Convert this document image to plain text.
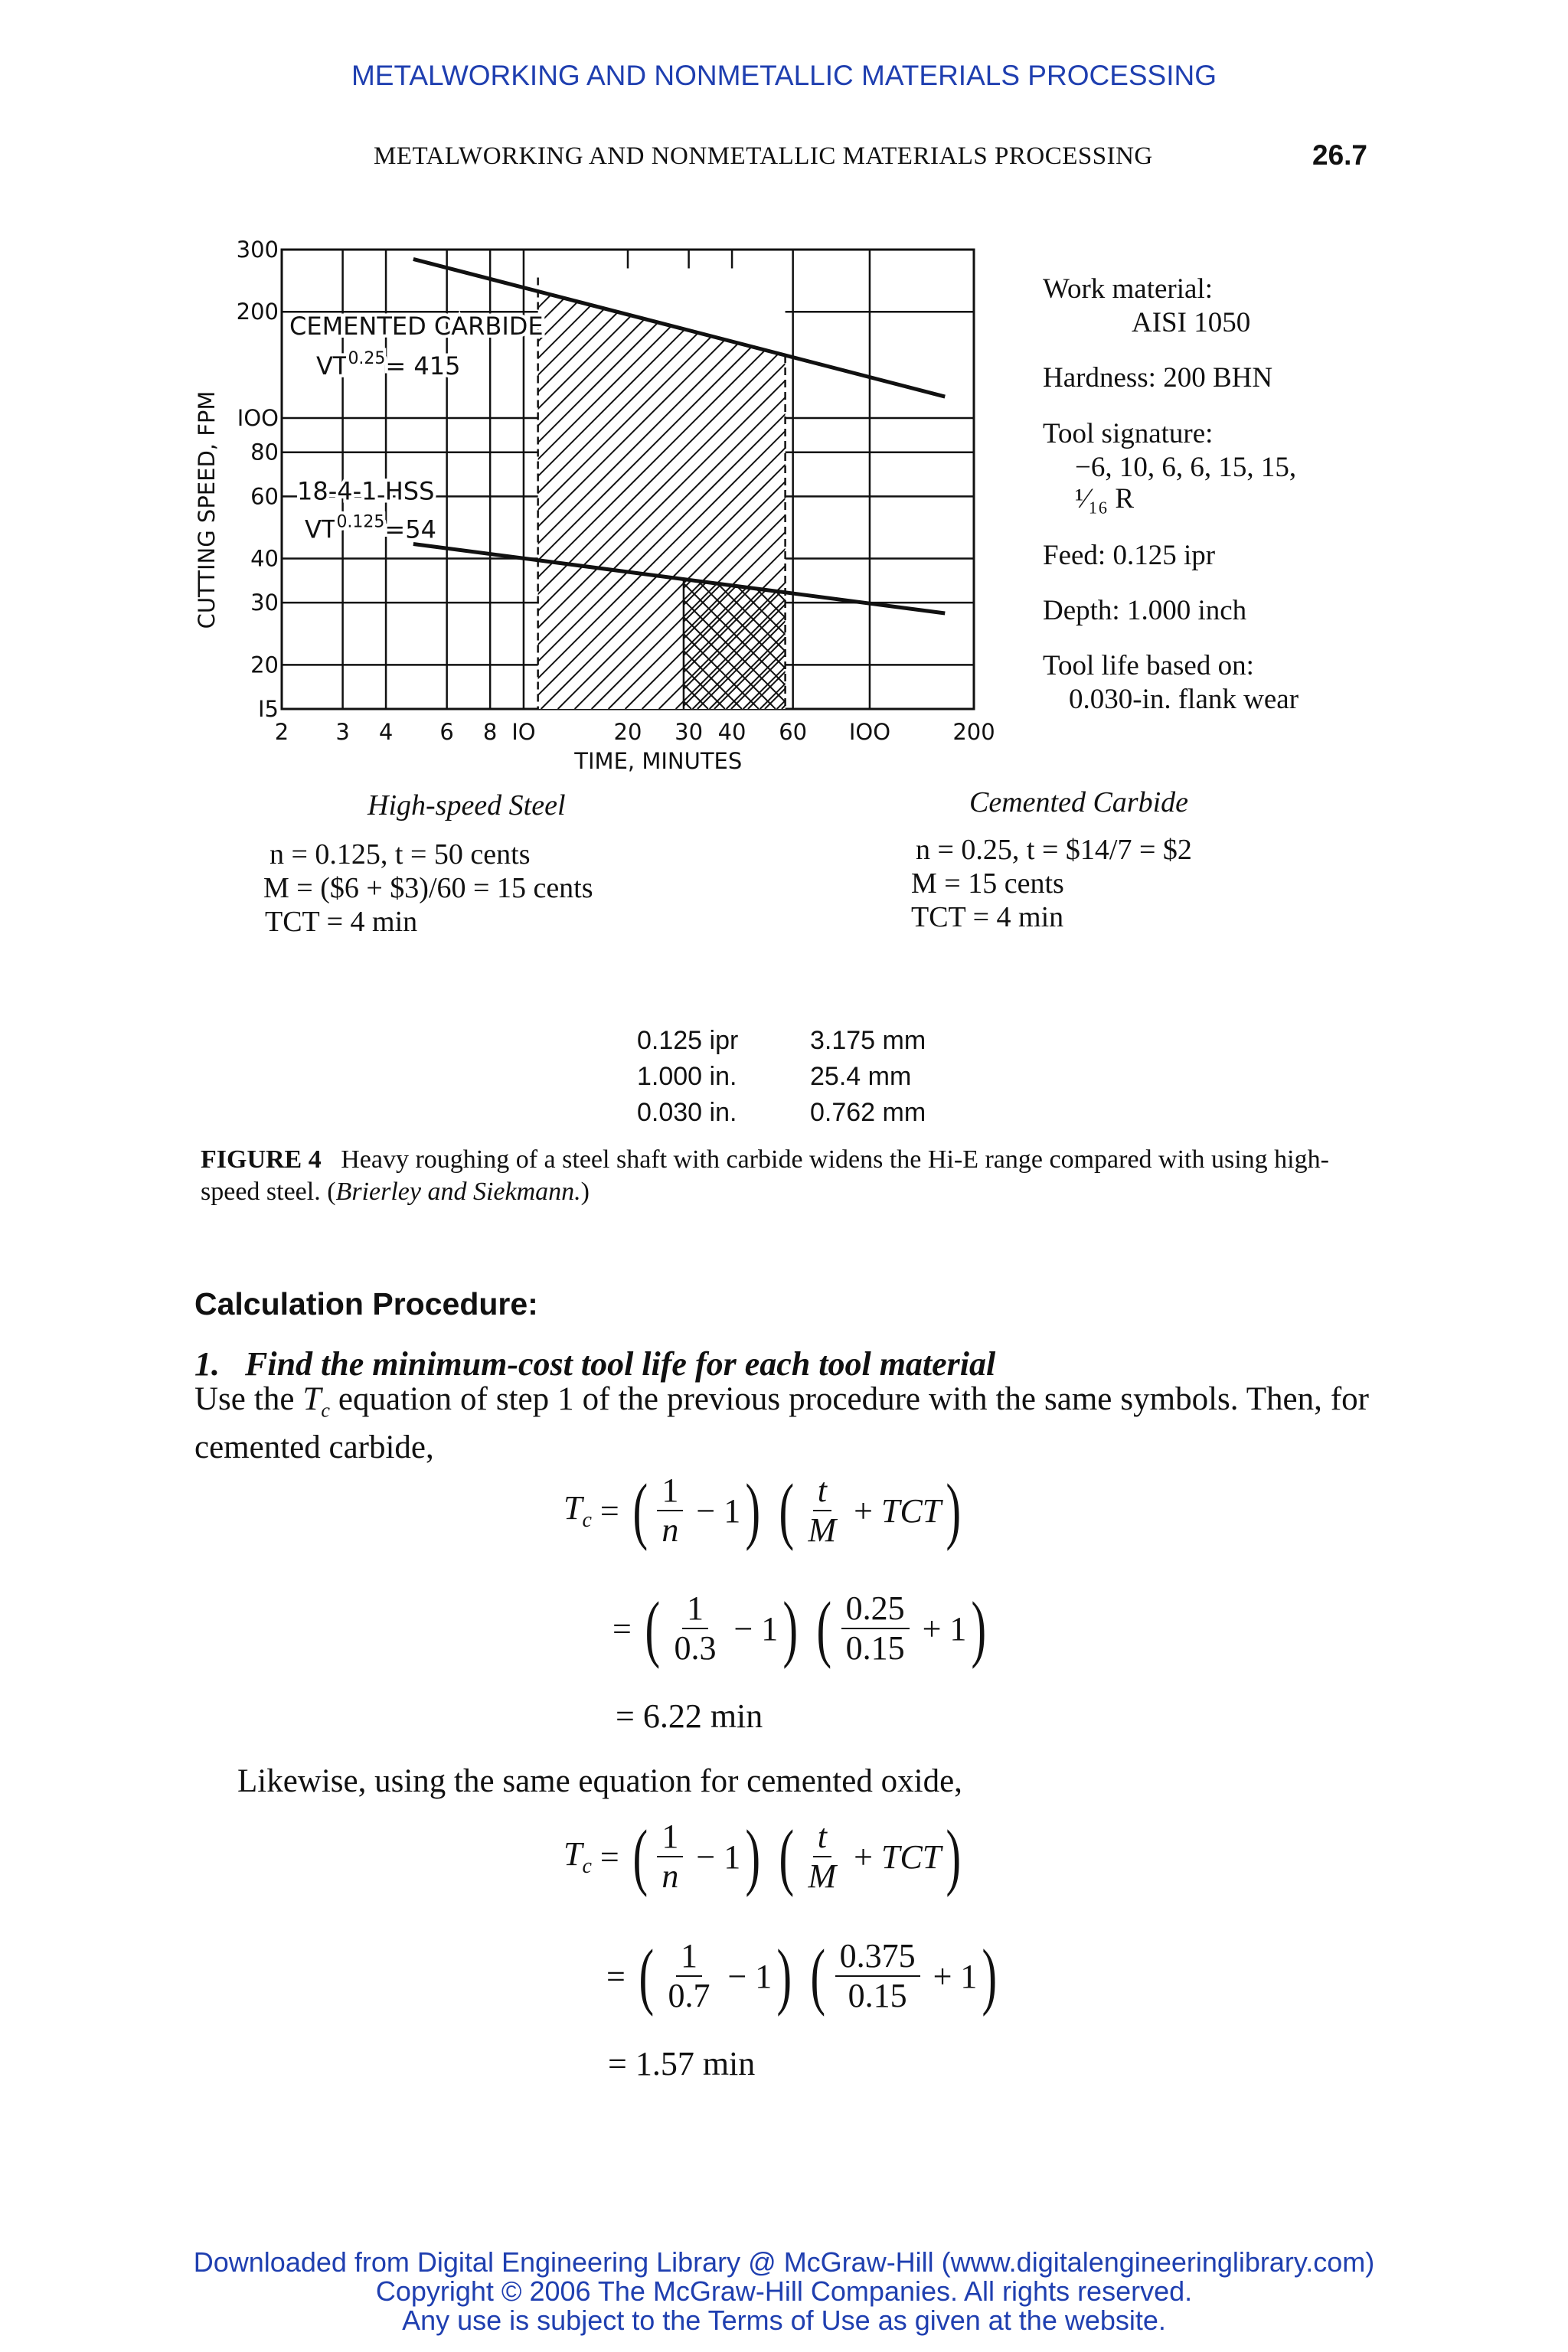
METALWORKING AND NONMETALLIC MATERIALS PROCESSING
METALWORKING AND NONMETALLIC MATERIALS PROCESSING	26.7
2 3 4 6 8 IO	20 30 40 60 IOO	200
I5
20
30
40
60
80
IOO
200
300
TIME, MINUTES
CUTTING SPEED, FPM
CEMENTED CARBIDE
$VT^{0.25}= 415$
18-4-1 HSS
$VT^{0.125}=54$
Work material:
AISI 1050
Hardness: 200 BHN
Tool signature:
−6, 10, 6, 6, 15, 15,
¹⁄₁₆ R
Feed: 0.125 ipr
Depth: 1.000 inch
Tool life based on:
0.030-in. flank wear
High-speed Steel
n = 0.125, t = 50 cents
M = ($6 + $3)/60 = 15 cents
TCT = 4 min
Cemented Carbide
n = 0.25, t = $14/7 = $2
M = 15 cents
TCT = 4 min
0.125 ipr	3.175 mm
1.000 in.	25.4 mm
0.030 in.	0.762 mm
FIGURE 4 Heavy roughing of a steel shaft with carbide widens the Hi-E range compared with using high-speed steel. (Brierley and Siekmann.)
Calculation Procedure:
1. Find the minimum-cost tool life for each tool material
Use the $T_c$ equation of step 1 of the previous procedure with the same symbols. Then, for cemented carbide,
$T_c$ = ( $\frac{1}{n} - 1$ )
( $\frac{t}{M}$ + TCT )
= ( $\frac{1}{0.3} - 1$ )
( $\frac{0.25}{0.15} + 1$ )
= 6.22 min
Likewise, using the same equation for cemented oxide,
$T_c$ = ( $\frac{1}{n} - 1$ )
( $\frac{t}{M}$ + TCT )
= ( $\frac{1}{0.7} - 1$ )
( $\frac{0.375}{0.15} + 1$ )
= 1.57 min
Downloaded from Digital Engineering Library @ McGraw-Hill (www.digitalengineeringlibrary.com)
Copyright © 2006 The McGraw-Hill Companies. All rights reserved.
Any use is subject to the Terms of Use as given at the website.
